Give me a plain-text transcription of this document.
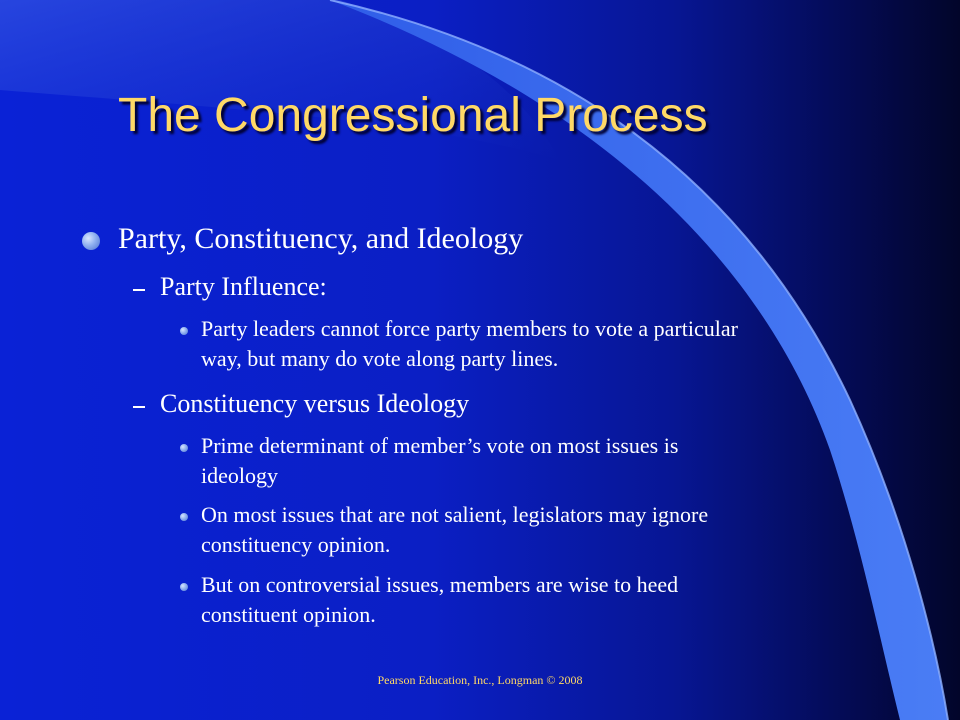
The Congressional Process
Party, Constituency, and Ideology
Party Influence:
Party leaders cannot force party members to vote a particular
way, but many do vote along party lines.
Constituency versus Ideology
Prime determinant of member’s vote on most issues is
ideology
On most issues that are not salient, legislators may ignore
constituency opinion.
But on controversial issues, members are wise to heed
constituent opinion.
Pearson Education, Inc., Longman © 2008
